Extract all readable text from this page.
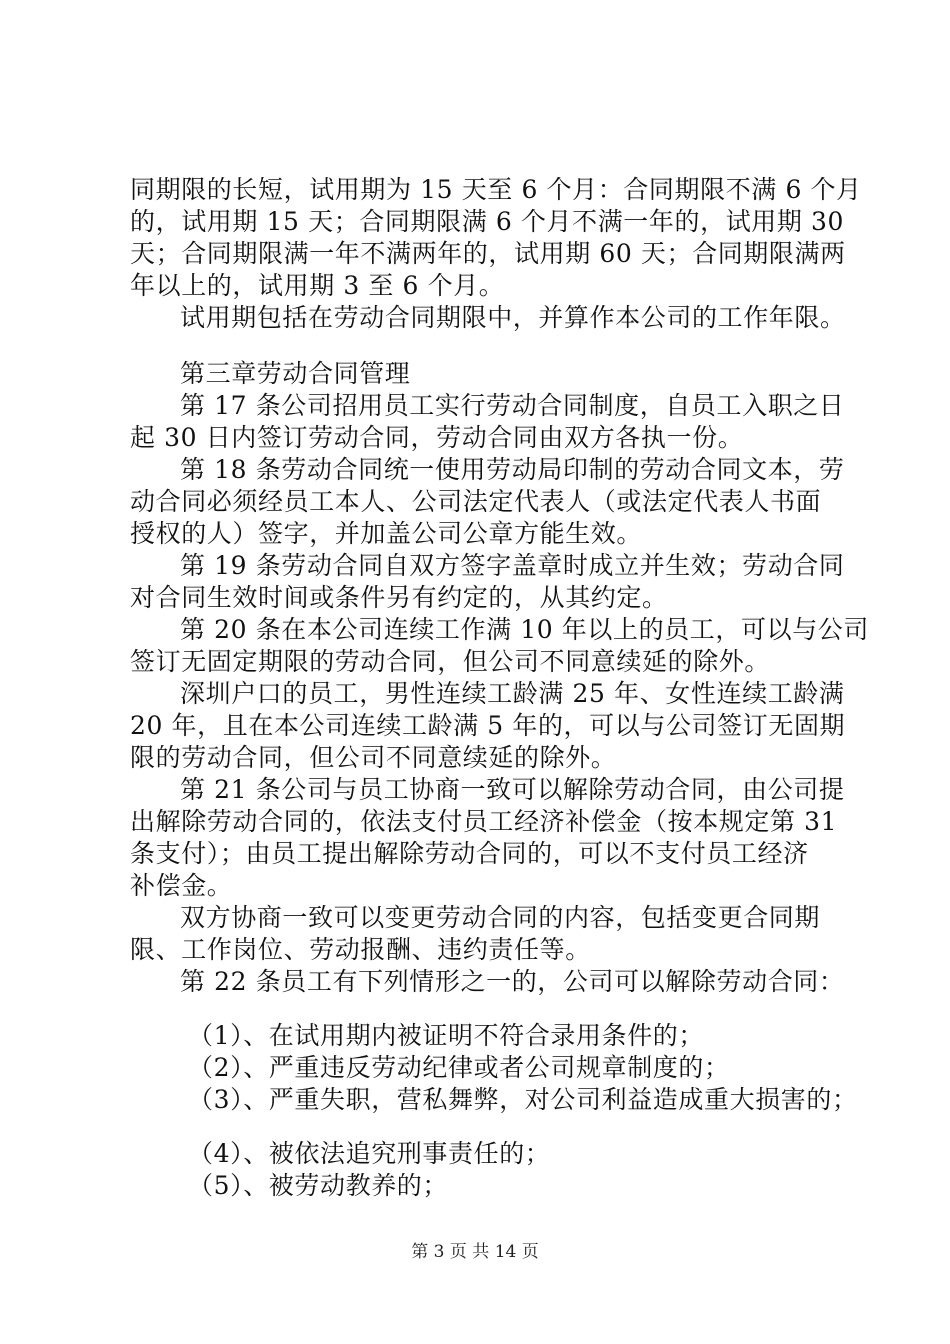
同期限的长短，试用期为 15 天至 6 个月：合同期限不满 6 个月
的，试用期 15 天；合同期限满 6 个月不满一年的，试用期 30
天；合同期限满一年不满两年的，试用期 60 天；合同期限满两
年以上的，试用期 3 至 6 个月。
试用期包括在劳动合同期限中，并算作本公司的工作年限。
第三章劳动合同管理
第 17 条公司招用员工实行劳动合同制度，自员工入职之日
起 30 日内签订劳动合同，劳动合同由双方各执一份。
第 18 条劳动合同统一使用劳动局印制的劳动合同文本，劳
动合同必须经员工本人、公司法定代表人（或法定代表人书面
授权的人）签字，并加盖公司公章方能生效。
第 19 条劳动合同自双方签字盖章时成立并生效；劳动合同
对合同生效时间或条件另有约定的，从其约定。
第 20 条在本公司连续工作满 10 年以上的员工，可以与公司
签订无固定期限的劳动合同，但公司不同意续延的除外。
深圳户口的员工，男性连续工龄满 25 年、女性连续工龄满
20 年，且在本公司连续工龄满 5 年的，可以与公司签订无固期
限的劳动合同，但公司不同意续延的除外。
第 21 条公司与员工协商一致可以解除劳动合同，由公司提
出解除劳动合同的，依法支付员工经济补偿金（按本规定第 31
条支付）；由员工提出解除劳动合同的，可以不支付员工经济
补偿金。
双方协商一致可以变更劳动合同的内容，包括变更合同期
限、工作岗位、劳动报酬、违约责任等。
第 22 条员工有下列情形之一的，公司可以解除劳动合同：
（1）、在试用期内被证明不符合录用条件的；
（2）、严重违反劳动纪律或者公司规章制度的；
（3）、严重失职，营私舞弊，对公司利益造成重大损害的；
（4）、被依法追究刑事责任的；
（5）、被劳动教养的；
第 3 页 共 14 页
